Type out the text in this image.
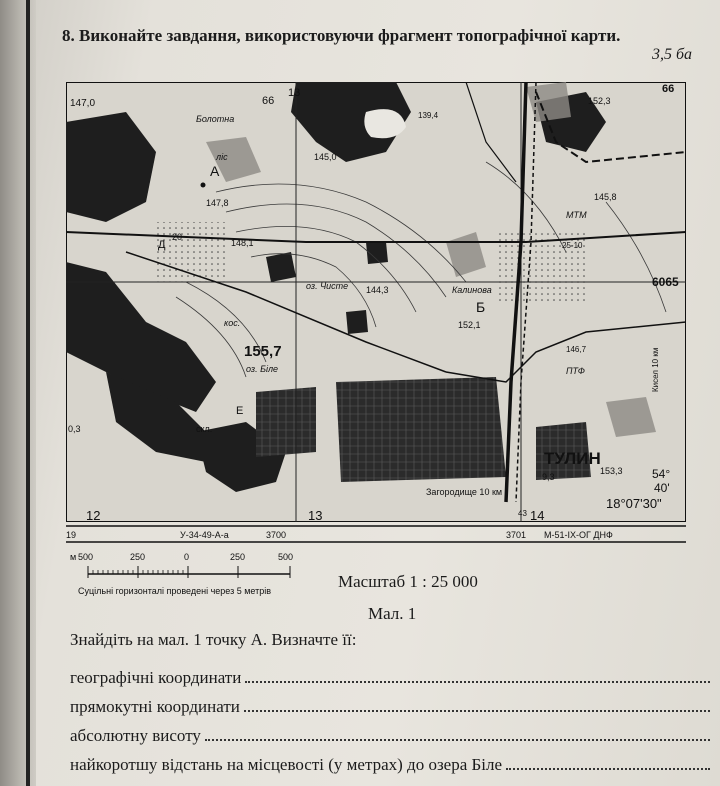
8. Виконайте завдання, використовуючи фрагмент топографічної карти.
3,5 ба
147,0	66
13	66
Болотна
ліс	145,0
139,4
152,3
А
147,8
Д
20
148,1
оз. Чисте 144,3	Калинова
Б
152,1
155,7
оз. Біле
кос.
Е
скл.
0,3
145,8
МТМ
25-10
6065
146,7
ПТФ	Кисел 10 км
ТУЛИН
9,3
153,3 54°
40'
18°07'30"
Загородище 10 км
12	13	43 14
19	У-34-49-А-а	3700	3701 М-51-IX-ОГ ДНФ
м 500	250	0	250	500
Суцільні горизонталі проведені через 5 метрів	Масштаб 1 : 25 000
Мал. 1
Знайдіть на мал. 1 точку А. Визначте її:
географічні координати
прямокутні координати
абсолютну висоту
найкоротшу відстань на місцевості (у метрах) до озера Біле
